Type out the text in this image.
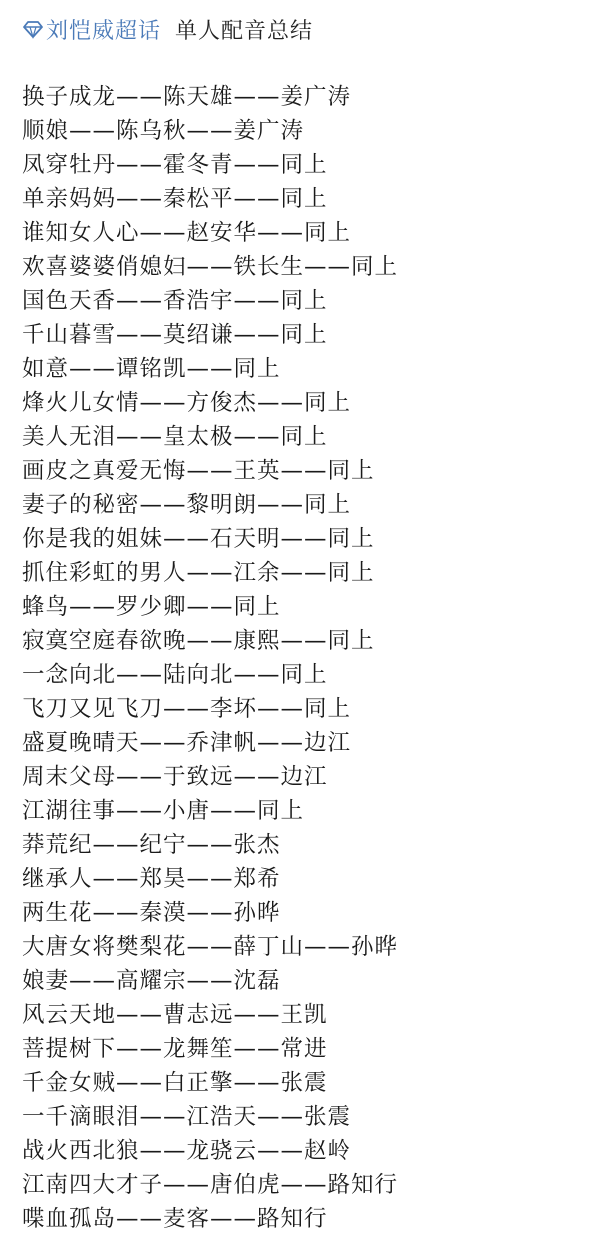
刘恺威超话 单人配音总结
换子成龙——陈天雄——姜广涛
顺娘——陈乌秋——姜广涛
凤穿牡丹——霍冬青——同上
单亲妈妈——秦松平——同上
谁知女人心——赵安华——同上
欢喜婆婆俏媳妇——铁长生——同上
国色天香——香浩宇——同上
千山暮雪——莫绍谦——同上
如意——谭铭凯——同上
烽火儿女情——方俊杰——同上
美人无泪——皇太极——同上
画皮之真爱无悔——王英——同上
妻子的秘密——黎明朗——同上
你是我的姐妹——石天明——同上
抓住彩虹的男人——江余——同上
蜂鸟——罗少卿——同上
寂寞空庭春欲晚——康熙——同上
一念向北——陆向北——同上
飞刀又见飞刀——李坏——同上
盛夏晚晴天——乔津帆——边江
周末父母——于致远——边江
江湖往事——小唐——同上
莽荒纪——纪宁——张杰
继承人——郑昊——郑希
两生花——秦漠——孙晔
大唐女将樊梨花——薛丁山——孙晔
娘妻——高耀宗——沈磊
风云天地——曹志远——王凯
菩提树下——龙舞笙——常进
千金女贼——白正擎——张震
一千滴眼泪——江浩天——张震
战火西北狼——龙骁云——赵岭
江南四大才子——唐伯虎——路知行
喋血孤岛——麦客——路知行
